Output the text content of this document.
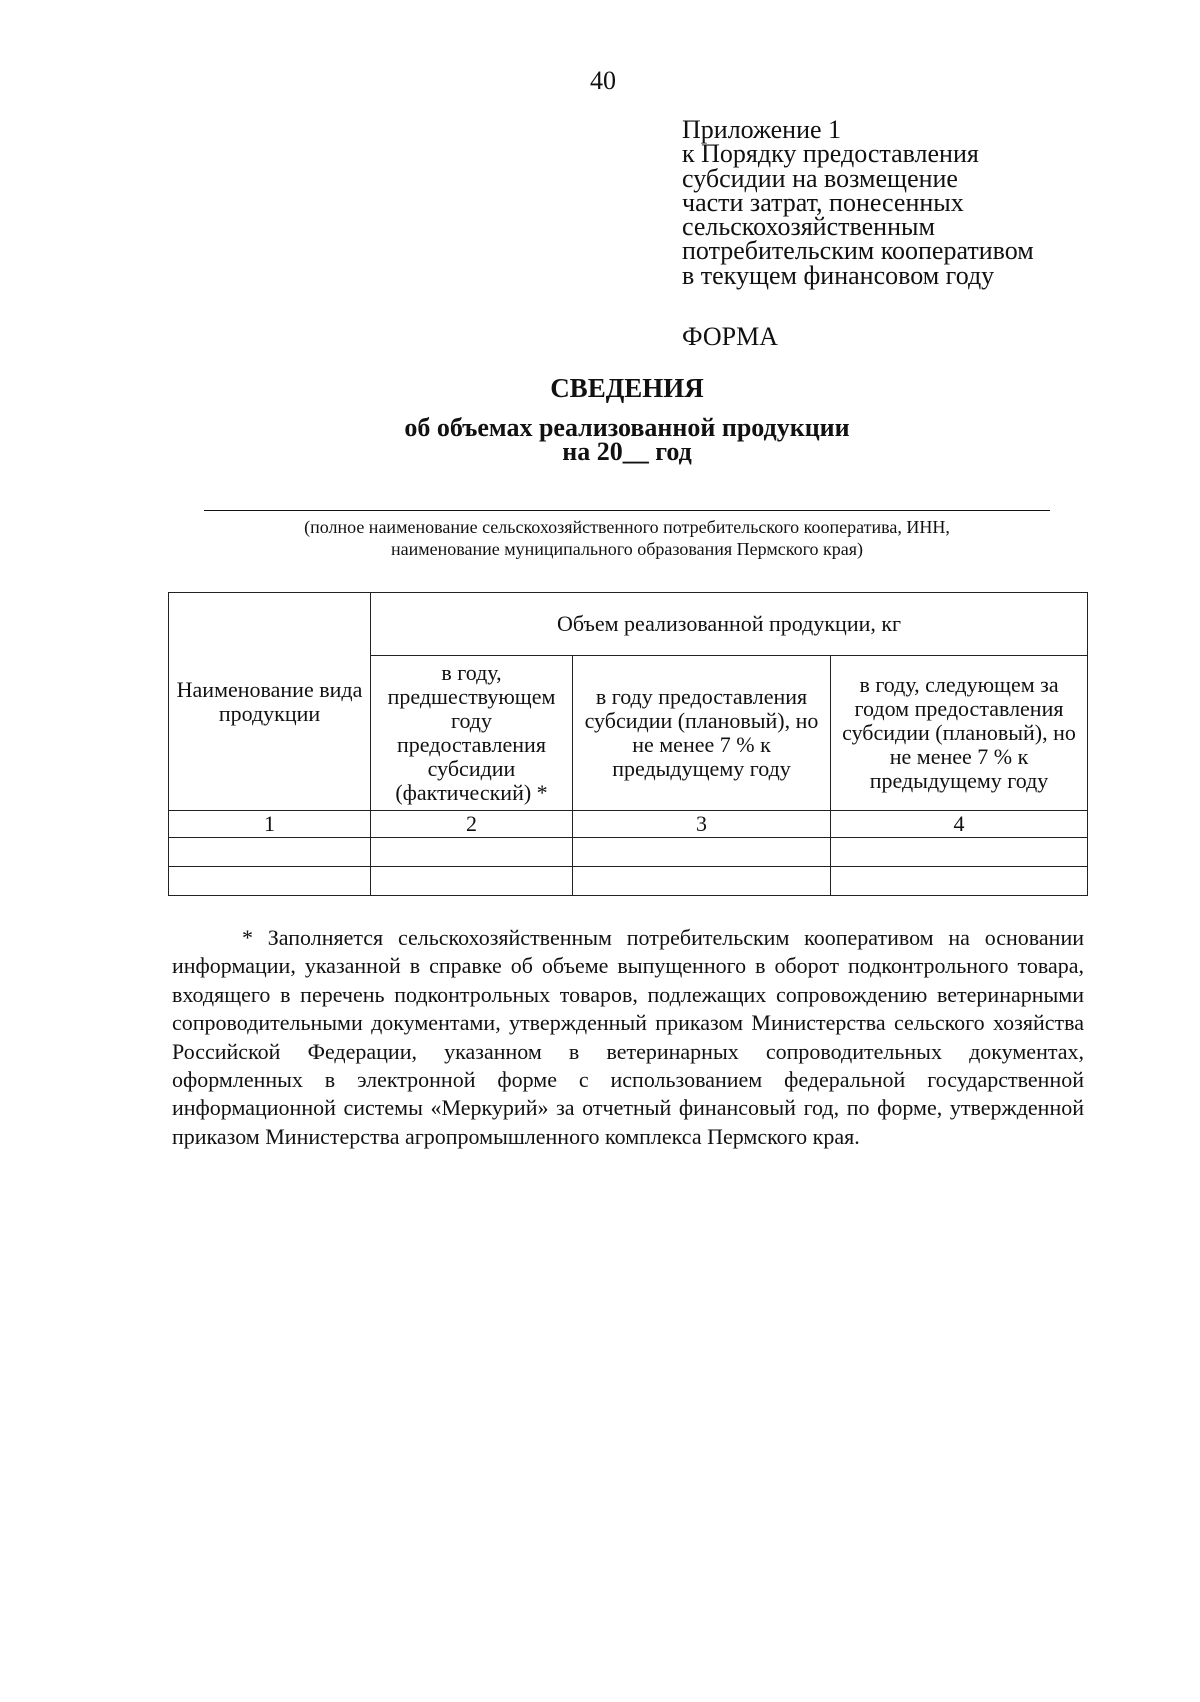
40
Приложение 1
к Порядку предоставления
субсидии на возмещение
части затрат, понесенных
сельскохозяйственным
потребительским кооперативом
в текущем финансовом году
ФОРМА
СВЕДЕНИЯ
об объемах реализованной продукции
на 20__ год
(полное наименование сельскохозяйственного потребительского кооператива, ИНН,
наименование муниципального образования Пермского края)
Наименование вида продукции	Объем реализованной продукции, кг		
	в году, предшествующем году предоставления субсидии (фактический) *	в году предоставления субсидии (плановый), но не менее 7 % к предыдущему году	в году, следующем за годом предоставления субсидии (плановый), но не менее 7 % к предыдущему году
1	2	3	4

* Заполняется сельскохозяйственным потребительским кооперативом на основании информации, указанной в справке об объеме выпущенного в оборот подконтрольного товара, входящего в перечень подконтрольных товаров, подлежащих сопровождению ветеринарными сопроводительными документами, утвержденный приказом Министерства сельского хозяйства Российской Федерации, указанном в ветеринарных сопроводительных документах, оформленных в электронной форме с использованием федеральной государственной информационной системы «Меркурий» за отчетный финансовый год, по форме, утвержденной приказом Министерства агропромышленного комплекса Пермского края.
